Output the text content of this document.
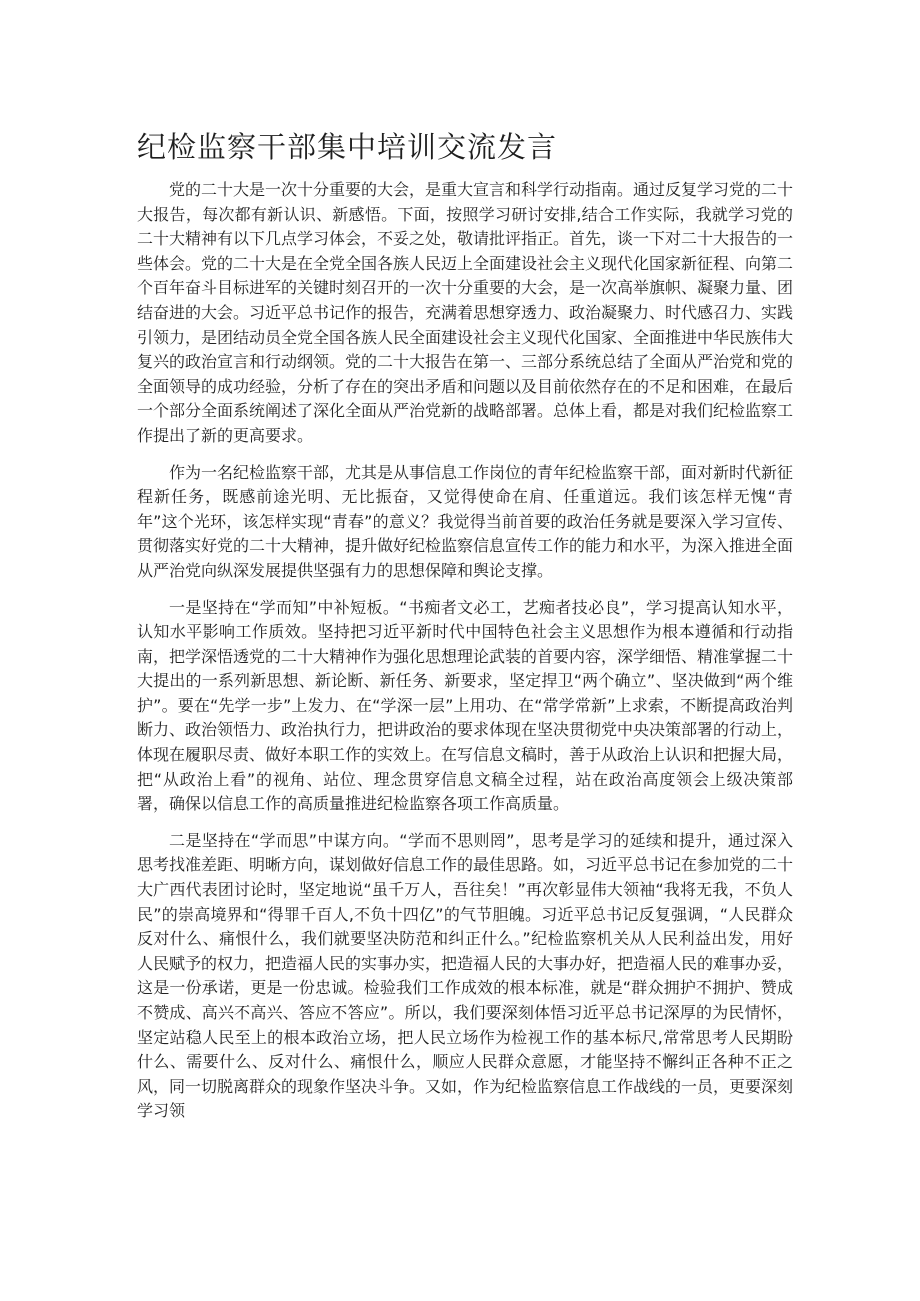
纪检监察干部集中培训交流发言

党的二十大是一次十分重要的大会，是重大宣言和科学行动指南。通过反复学习党的二十大报告，每次都有新认识、新感悟。下面，按照学习研讨安排,结合工作实际，我就学习党的二十大精神有以下几点学习体会，不妥之处，敬请批评指正。首先，谈一下对二十大报告的一些体会。党的二十大是在全党全国各族人民迈上全面建设社会主义现代化国家新征程、向第二个百年奋斗目标进军的关键时刻召开的一次十分重要的大会，是一次高举旗帜、凝聚力量、团结奋进的大会。习近平总书记作的报告，充满着思想穿透力、政治凝聚力、时代感召力、实践引领力，是团结动员全党全国各族人民全面建设社会主义现代化国家、全面推进中华民族伟大复兴的政治宣言和行动纲领。党的二十大报告在第一、三部分系统总结了全面从严治党和党的全面领导的成功经验，分析了存在的突出矛盾和问题以及目前依然存在的不足和困难，在最后一个部分全面系统阐述了深化全面从严治党新的战略部署。总体上看，都是对我们纪检监察工作提出了新的更高要求。

作为一名纪检监察干部，尤其是从事信息工作岗位的青年纪检监察干部，面对新时代新征程新任务，既感前途光明、无比振奋，又觉得使命在肩、任重道远。我们该怎样无愧“青年”这个光环，该怎样实现“青春”的意义？我觉得当前首要的政治任务就是要深入学习宣传、贯彻落实好党的二十大精神，提升做好纪检监察信息宣传工作的能力和水平，为深入推进全面从严治党向纵深发展提供坚强有力的思想保障和舆论支撑。

一是坚持在“学而知”中补短板。“书痴者文必工，艺痴者技必良”，学习提高认知水平，认知水平影响工作质效。坚持把习近平新时代中国特色社会主义思想作为根本遵循和行动指南，把学深悟透党的二十大精神作为强化思想理论武装的首要内容，深学细悟、精准掌握二十大提出的一系列新思想、新论断、新任务、新要求，坚定捍卫“两个确立”、坚决做到“两个维护”。要在“先学一步”上发力、在“学深一层”上用功、在“常学常新”上求索，不断提高政治判断力、政治领悟力、政治执行力，把讲政治的要求体现在坚决贯彻党中央决策部署的行动上，体现在履职尽责、做好本职工作的实效上。在写信息文稿时，善于从政治上认识和把握大局，把“从政治上看”的视角、站位、理念贯穿信息文稿全过程，站在政治高度领会上级决策部署，确保以信息工作的高质量推进纪检监察各项工作高质量。

二是坚持在“学而思”中谋方向。“学而不思则罔”，思考是学习的延续和提升，通过深入思考找准差距、明晰方向，谋划做好信息工作的最佳思路。如，习近平总书记在参加党的二十大广西代表团讨论时，坚定地说“虽千万人，吾往矣！”再次彰显伟大领袖“我将无我，不负人民”的崇高境界和“得罪千百人,不负十四亿”的气节胆魄。习近平总书记反复强调，“人民群众反对什么、痛恨什么，我们就要坚决防范和纠正什么。”纪检监察机关从人民利益出发，用好人民赋予的权力，把造福人民的实事办实，把造福人民的大事办好，把造福人民的难事办妥，这是一份承诺，更是一份忠诚。检验我们工作成效的根本标准，就是“群众拥护不拥护、赞成不赞成、高兴不高兴、答应不答应”。所以，我们要深刻体悟习近平总书记深厚的为民情怀，坚定站稳人民至上的根本政治立场，把人民立场作为检视工作的基本标尺,常常思考人民期盼什么、需要什么、反对什么、痛恨什么，顺应人民群众意愿，才能坚持不懈纠正各种不正之风，同一切脱离群众的现象作坚决斗争。又如，作为纪检监察信息工作战线的一员，更要深刻学习领
